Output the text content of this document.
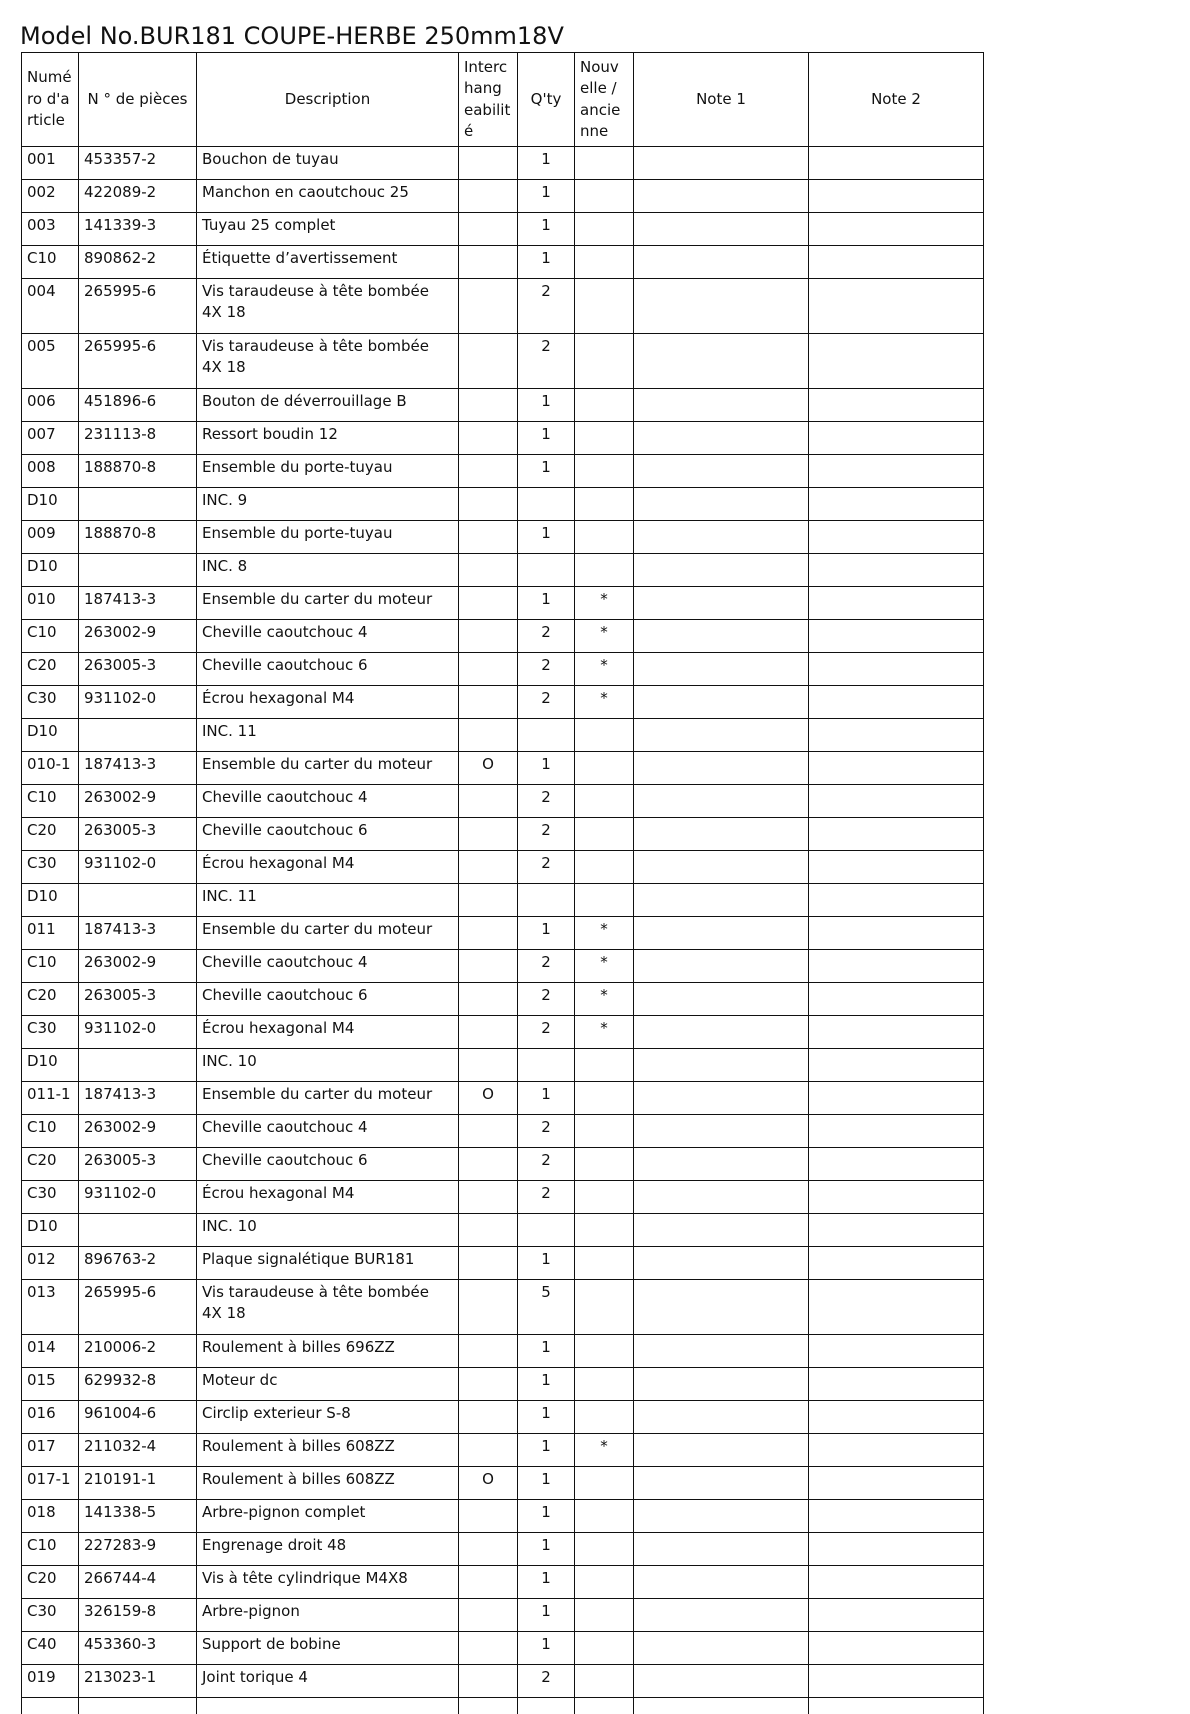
Model No.BUR181 COUPE-HERBE 250mm18V
Numé ro d'a rticle	N ° de pièces	Description	Interc hang eabilit é	Q'ty	Nouv elle / ancie nne	Note 1	Note 2
001	453357-2	Bouchon de tuyau		1			
002	422089-2	Manchon en caoutchouc 25		1			
003	141339-3	Tuyau 25 complet		1			
C10	890862-2	Étiquette d’avertissement		1			
004	265995-6	Vis taraudeuse à tête bombée 4X 18		2			
005	265995-6	Vis taraudeuse à tête bombée 4X 18		2			
006	451896-6	Bouton de déverrouillage B		1			
007	231113-8	Ressort boudin 12		1			
008	188870-8	Ensemble du porte-tuyau		1			
D10		INC. 9					
009	188870-8	Ensemble du porte-tuyau		1			
D10		INC. 8					
010	187413-3	Ensemble du carter du moteur		1	*		
C10	263002-9	Cheville caoutchouc 4		2	*		
C20	263005-3	Cheville caoutchouc 6		2	*		
C30	931102-0	Écrou hexagonal M4		2	*		
D10		INC. 11					
010-1	187413-3	Ensemble du carter du moteur	O	1			
C10	263002-9	Cheville caoutchouc 4		2			
C20	263005-3	Cheville caoutchouc 6		2			
C30	931102-0	Écrou hexagonal M4		2			
D10		INC. 11					
011	187413-3	Ensemble du carter du moteur		1	*		
C10	263002-9	Cheville caoutchouc 4		2	*		
C20	263005-3	Cheville caoutchouc 6		2	*		
C30	931102-0	Écrou hexagonal M4		2	*		
D10		INC. 10					
011-1	187413-3	Ensemble du carter du moteur	O	1			
C10	263002-9	Cheville caoutchouc 4		2			
C20	263005-3	Cheville caoutchouc 6		2			
C30	931102-0	Écrou hexagonal M4		2			
D10		INC. 10					
012	896763-2	Plaque signalétique BUR181		1			
013	265995-6	Vis taraudeuse à tête bombée 4X 18		5			
014	210006-2	Roulement à billes 696ZZ		1			
015	629932-8	Moteur dc		1			
016	961004-6	Circlip exterieur S-8		1			
017	211032-4	Roulement à billes 608ZZ		1	*		
017-1	210191-1	Roulement à billes 608ZZ	O	1			
018	141338-5	Arbre-pignon complet		1			
C10	227283-9	Engrenage droit 48		1			
C20	266744-4	Vis à tête cylindrique M4X8		1			
C30	326159-8	Arbre-pignon		1			
C40	453360-3	Support de bobine		1			
019	213023-1	Joint torique 4		2			
